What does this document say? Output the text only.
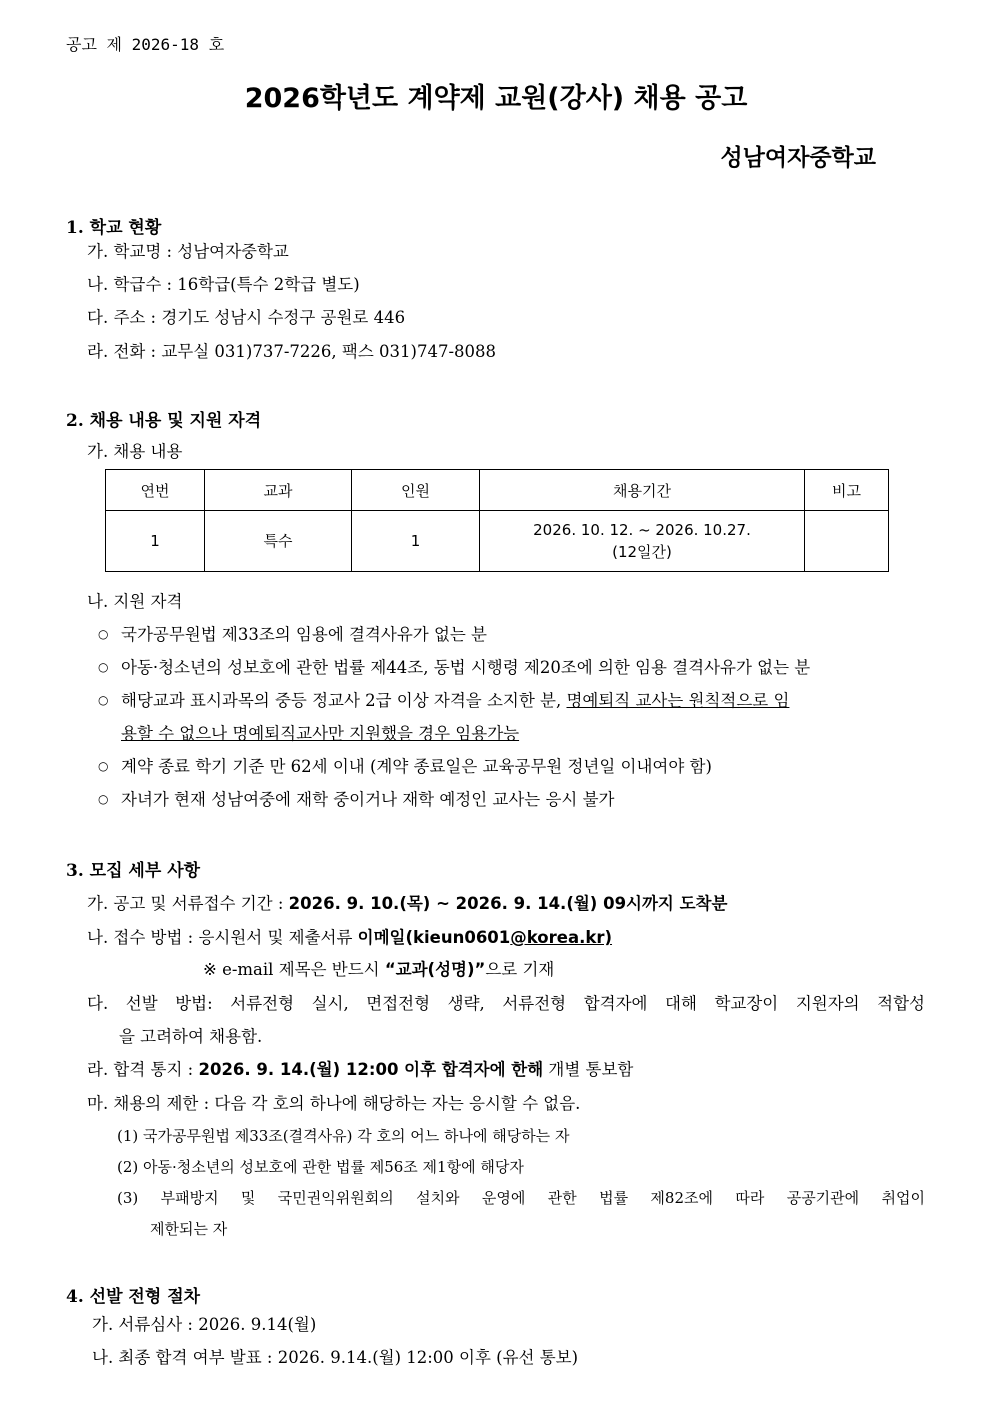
공고 제 2026-18 호
2026학년도 계약제 교원(강사) 채용 공고
성남여자중학교
1. 학교 현황
가. 학교명 : 성남여자중학교
나. 학급수 : 16학급(특수 2학급 별도)
다. 주소 : 경기도 성남시 수정구 공원로 446
라. 전화 : 교무실 031)737-7226, 팩스 031)747-8088
2. 채용 내용 및 지원 자격
가. 채용 내용
연번	교과	인원	채용기간	비고
1	특수	1	2026. 10. 12. ~ 2026. 10.27.
(12일간)	

나. 지원 자격
○ 국가공무원법 제33조의 임용에 결격사유가 없는 분
○ 아동·청소년의 성보호에 관한 법률 제44조, 동법 시행령 제20조에 의한 임용 결격사유가 없는 분
○ 해당교과 표시과목의 중등 정교사 2급 이상 자격을 소지한 분, 명예퇴직 교사는 원칙적으로 임
용할 수 없으나 명예퇴직교사만 지원했을 경우 임용가능
○ 계약 종료 학기 기준 만 62세 이내 (계약 종료일은 교육공무원 정년일 이내여야 함)
○ 자녀가 현재 성남여중에 재학 중이거나 재학 예정인 교사는 응시 불가
3. 모집 세부 사항
가. 공고 및 서류접수 기간 : 2026. 9. 10.(목) ~ 2026. 9. 14.(월) 09시까지 도착분
나. 접수 방법 : 응시원서 및 제출서류 이메일(kieun0601@korea.kr)
※ e-mail 제목은 반드시 “교과(성명)”으로 기재
다. 선발 방법: 서류전형 실시, 면접전형 생략, 서류전형 합격자에 대해 학교장이 지원자의 적합성
을 고려하여 채용함.
라. 합격 통지 : 2026. 9. 14.(월) 12:00 이후 합격자에 한해 개별 통보함
마. 채용의 제한 : 다음 각 호의 하나에 해당하는 자는 응시할 수 없음.
(1) 국가공무원법 제33조(결격사유) 각 호의 어느 하나에 해당하는 자
(2) 아동·청소년의 성보호에 관한 법률 제56조 제1항에 해당자
(3) 부패방지 및 국민권익위원회의 설치와 운영에 관한 법률 제82조에 따라 공공기관에 취업이
제한되는 자
4. 선발 전형 절차
가. 서류심사 : 2026. 9.14(월)
나. 최종 합격 여부 발표 : 2026. 9.14.(월) 12:00 이후 (유선 통보)
